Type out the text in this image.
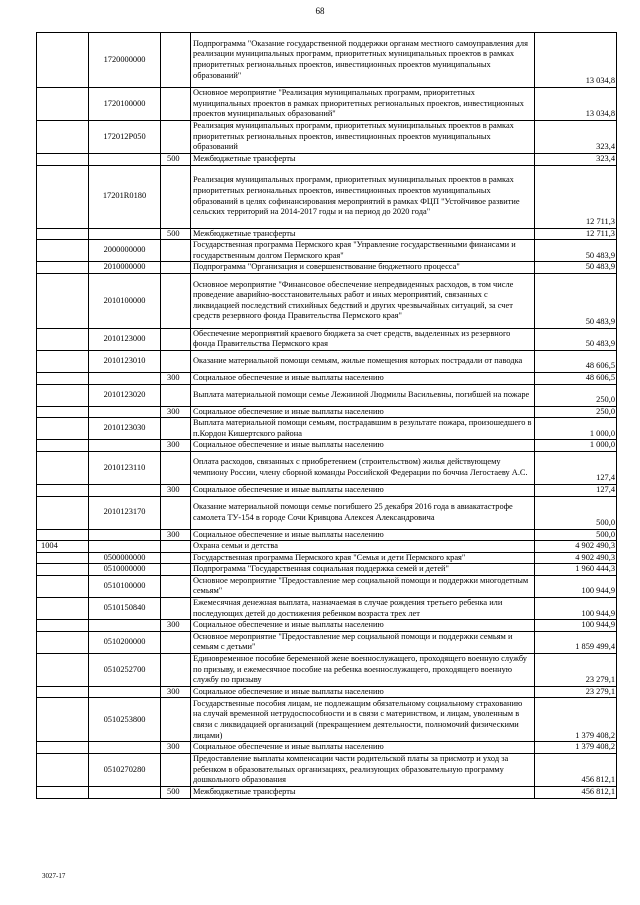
68
	1720000000		Подпрограмма "Оказание государственной поддержки органам местного самоуправления для реализации муниципальных программ, приоритетных муниципальных проектов в рамках приоритетных региональных проектов, инвестиционных проектов муниципальных образований"	13 034,8
	1720100000		Основное мероприятие "Реализация муниципальных программ, приоритетных муниципальных проектов в рамках приоритетных региональных проектов, инвестиционных проектов муниципальных образований"	13 034,8
	172012P050		Реализация муниципальных программ, приоритетных муниципальных проектов в рамках приоритетных региональных проектов, инвестиционных проектов муниципальных образований	323,4
		500	Межбюджетные трансферты	323,4
	17201R0180		Реализация муниципальных программ, приоритетных муниципальных проектов в рамках приоритетных региональных проектов, инвестиционных проектов муниципальных образований в целях софинансирования мероприятий в рамках ФЦП "Устойчивое развитие сельских территорий на 2014-2017 годы и на период до 2020 года"	12 711,3
		500	Межбюджетные трансферты	12 711,3
	2000000000		Государственная программа Пермского края "Управление государственными финансами и государственным долгом Пермского края"	50 483,9
	2010000000		Подпрограмма "Организация и совершенствование бюджетного процесса"	50 483,9
	2010100000		Основное мероприятие "Финансовое обеспечение непредвиденных расходов, в том числе проведение аварийно-восстановительных работ и иных мероприятий, связанных с ликвидацией последствий стихийных бедствий и других чрезвычайных ситуаций, за счет средств резервного фонда Правительства Пермского края"	50 483,9
	2010123000		Обеспечение мероприятий краевого бюджета за счет средств, выделенных из резервного фонда Правительства Пермского края	50 483,9
	2010123010		Оказание материальной помощи семьям, жилые помещения которых пострадали от паводка	48 606,5
		300	Социальное обеспечение и иные выплаты населению	48 606,5
	2010123020		Выплата материальной помощи семье Лежниной Людмилы Васильевны, погибшей на пожаре	250,0
		300	Социальное обеспечение и иные выплаты населению	250,0
	2010123030		Выплата материальной помощи семьям, пострадавшим в результате пожара, произошедшего в п.Кордон Кишертского района	1 000,0
		300	Социальное обеспечение и иные выплаты населению	1 000,0
	2010123110		Оплата расходов, связанных с приобретением (строительством) жилья действующему чемпиону России, члену сборной команды Российской Федерации по боччиа Легостаеву А.С.	127,4
		300	Социальное обеспечение и иные выплаты населению	127,4
	2010123170		Оказание материальной помощи семье погибшего 25 декабря 2016 года в авиакатастрофе самолета ТУ-154 в городе Сочи Кривцова Алексея Александровича	500,0
		300	Социальное обеспечение и иные выплаты населению	500,0
1004			Охрана семьи и детства	4 902 490,3
	0500000000		Государственная программа Пермского края "Семья и дети Пермского края"	4 902 490,3
	0510000000		Подпрограмма "Государственная социальная поддержка семей и детей"	1 960 444,3
	0510100000		Основное мероприятие "Предоставление мер социальной помощи и поддержки многодетным семьям"	100 944,9
	0510150840		Ежемесячная денежная выплата, назначаемая в случае рождения третьего ребенка или последующих детей до достижения ребенком возраста трех лет	100 944,9
		300	Социальное обеспечение и иные выплаты населению	100 944,9
	0510200000		Основное мероприятие "Предоставление мер социальной помощи и поддержки семьям и семьям с детьми"	1 859 499,4
	0510252700		Единовременное пособие беременной жене военнослужащего, проходящего военную службу по призыву, и ежемесячное пособие на ребенка военнослужащего, проходящего военную службу по призыву	23 279,1
		300	Социальное обеспечение и иные выплаты населению	23 279,1
	0510253800		Государственные пособия лицам, не подлежащим обязательному социальному страхованию на случай временной нетрудоспособности и в связи с материнством, и лицам, уволенным в связи с ликвидацией организаций (прекращением деятельности, полномочий физическими лицами)	1 379 408,2
		300	Социальное обеспечение и иные выплаты населению	1 379 408,2
	0510270280		Предоставление выплаты компенсации части родительской платы за присмотр и уход за ребенком в образовательных организациях, реализующих образовательную программу дошкольного образования	456 812,1
		500	Межбюджетные трансферты	456 812,1
3027-17
